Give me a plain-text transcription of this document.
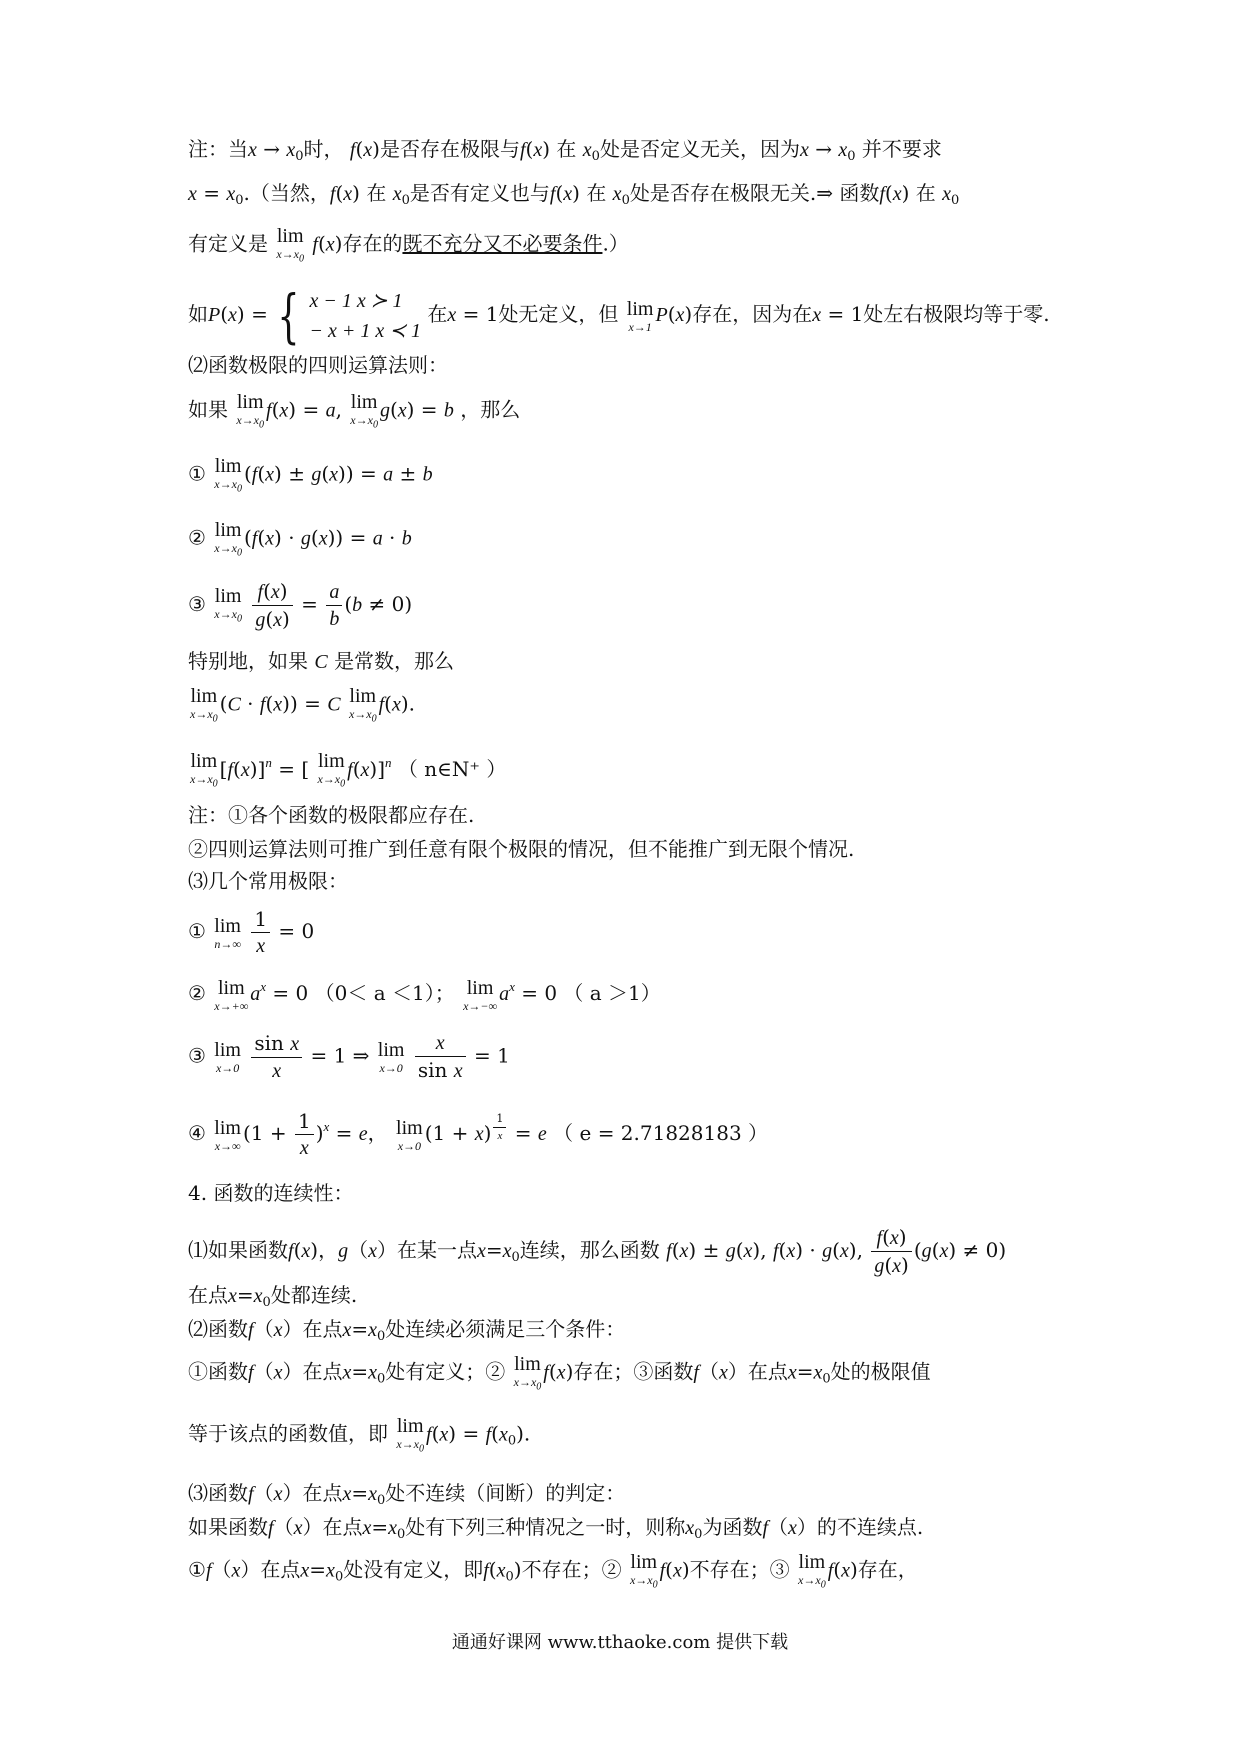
注：当$x \to x_0$时， f(x)是否存在极限与f(x) 在 $x_0$处是否定义无关，因为$x \to x_0$ 并不要求
$x = x_0$.（当然，f(x) 在 $x_0$是否有定义也与f(x) 在 $x_0$处是否存在极限无关.⇒ 函数f(x) 在 $x_0$
有定义是 lim
$x\to x_0$
f(x)存在的既不充分又不必要条件.）
如P(x) = { x − 1 x ≻ 1
− x + 1 x ≺ 1
在x = 1处无定义，但 lim
x→1
P(x)存在，因为在x = 1处左右极限均等于零.
⑵函数极限的四则运算法则：
如果 lim
$x\to x_0$
f(x) = a, lim
$x\to x_0$
g(x) = b ，那么
① lim
$x\to x_0$
(f(x) ± g(x)) = a ± b
② lim
$x\to x_0$
(f(x) · g(x)) = a · b
③ lim
$x\to x_0$
$\frac{f(x)}{g(x)} = \frac{a}{b} (b \ne 0)$
特别地，如果 C 是常数，那么
lim
$x\to x_0$
(C · f(x)) = C lim
$x\to x_0$
f(x).
lim
$x\to x_0$
$[f(x)]^n$ = [ lim
$x\to x_0$
f(x)]$^n$ （ n∈N⁺ ）
注：①各个函数的极限都应存在.
②四则运算法则可推广到任意有限个极限的情况，但不能推广到无限个情况.
⑶几个常用极限：
① lim
n→∞
$\frac{1}{x} = 0$
② lim
x→+∞
$a^x = 0$ （0＜ a ＜1）； lim
x→−∞
$a^x = 0$ （ a ＞1）
③ lim
x→0
$\frac{\text{sin x}}{x} = 1$ ⇒ lim
x→0
$\frac{x}{\text{sin x}} = 1$
④ lim
x→∞
$(1 + \frac{1}{x} )^x = e$， lim
x→0
(1 + x) $^{\frac{1}{x}}$ = e （ e = 2.71828183 ）
4. 函数的连续性：
⑴如果函数f(x)，g（x）在某一点$x=x_0$连续，那么函数 f(x) ± g(x), f(x) · g(x), $\frac{f(x)}{g(x)} (g(x) \ne 0)$
在点$x=x_0$处都连续.
⑵函数f（x）在点$x=x_0$处连续必须满足三个条件：
①函数f（x）在点$x=x_0$处有定义；② lim
$x\to x_0$
f(x)存在；③函数f（x）在点$x=x_0$处的极限值
等于该点的函数值，即 lim
$x\to x_0$
$f(x) = f(x_0)$.
⑶函数f（x）在点$x=x_0$处不连续（间断）的判定：
如果函数f（x）在点$x=x_0$处有下列三种情况之一时，则称$x_0$为函数f（x）的不连续点.
①f（x）在点$x=x_0$处没有定义，即$f(x_0)$不存在；② lim
$x\to x_0$
f(x)不存在；③ lim
$x\to x_0$
f(x)存在，
通通好课网 www.tthaoke.com 提供下载
